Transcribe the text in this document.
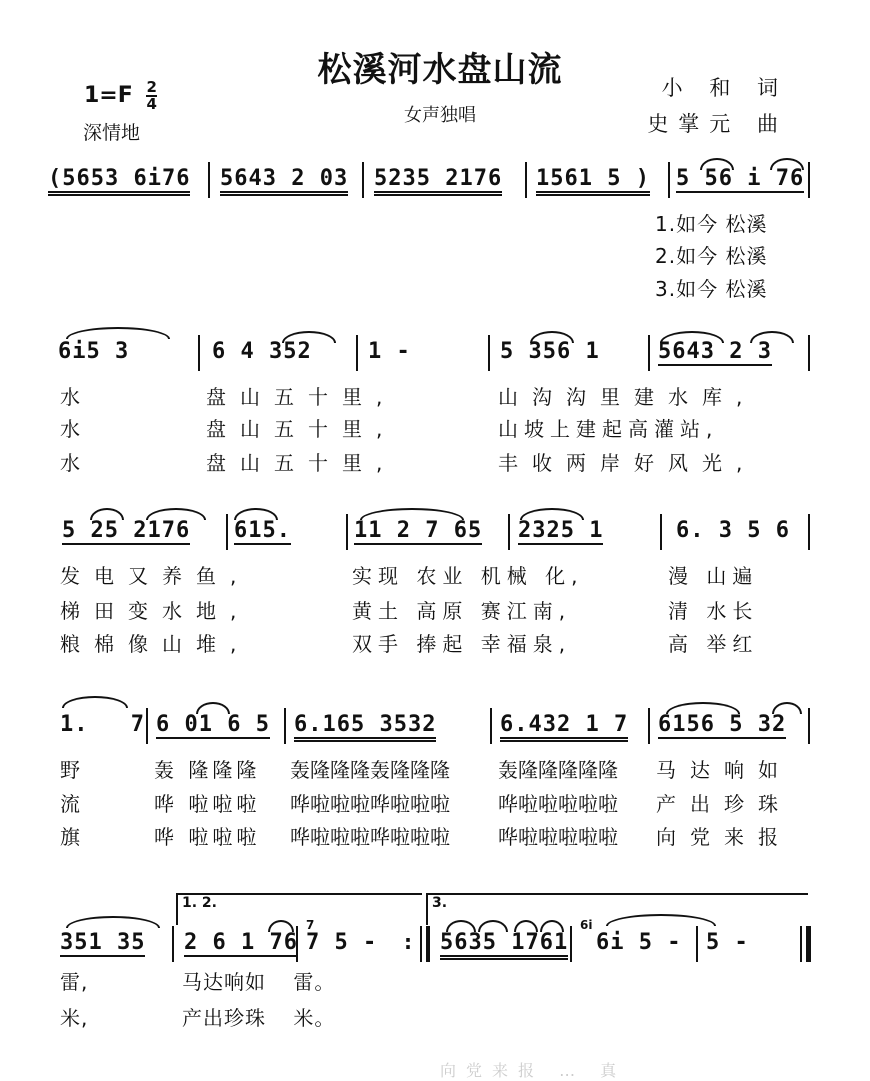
松溪河水盘山流
女声独唱
小 和 词
史掌元 曲
$1=F \frac{2}{4}$
深情地
(5653 6i76 5643 2 03 5235 2176 1561 5 ) 5 56 i 76
1.如今 松溪
2.如今 松溪
3.如今 松溪
6i5 3	6 4 352	1 -	5 356 1	5643 2 3
水	盘山五十里,	山沟沟里建水库,
水	盘山五十里,	山坡上建起高灌站,
水	盘山五十里,	丰收两岸好风光,
5 25 2176 615.	11 2 7 65 2325 1	6. 3 5 6
发电又养鱼,	实现 农业 机械 化,	漫 山遍
梯田变水地,	黄土 高原 赛江南,	清 水长
粮棉像山堆,	双手 捧起 幸福泉,	高 举红
1. 7 6 01 6 5 6.165 3532	6.432 1 7 6156 5 32
野	轰 隆隆隆 轰隆隆隆轰隆隆隆 轰隆隆隆隆隆 马达响如
流	哗 啦啦啦 哗啦啦啦哗啦啦啦 哗啦啦啦啦啦 产出珍珠
旗	哗 啦啦啦 哗啦啦啦哗啦啦啦 哗啦啦啦啦啦 向党来报
1. 2.	3.
351 35 2 6 1 76
7
7 5 - : 5635 1761
6i
6i 5 - 5 -
雷,	马达响如 雷。
米,	产出珍珠 米。
向党来报 … 真
